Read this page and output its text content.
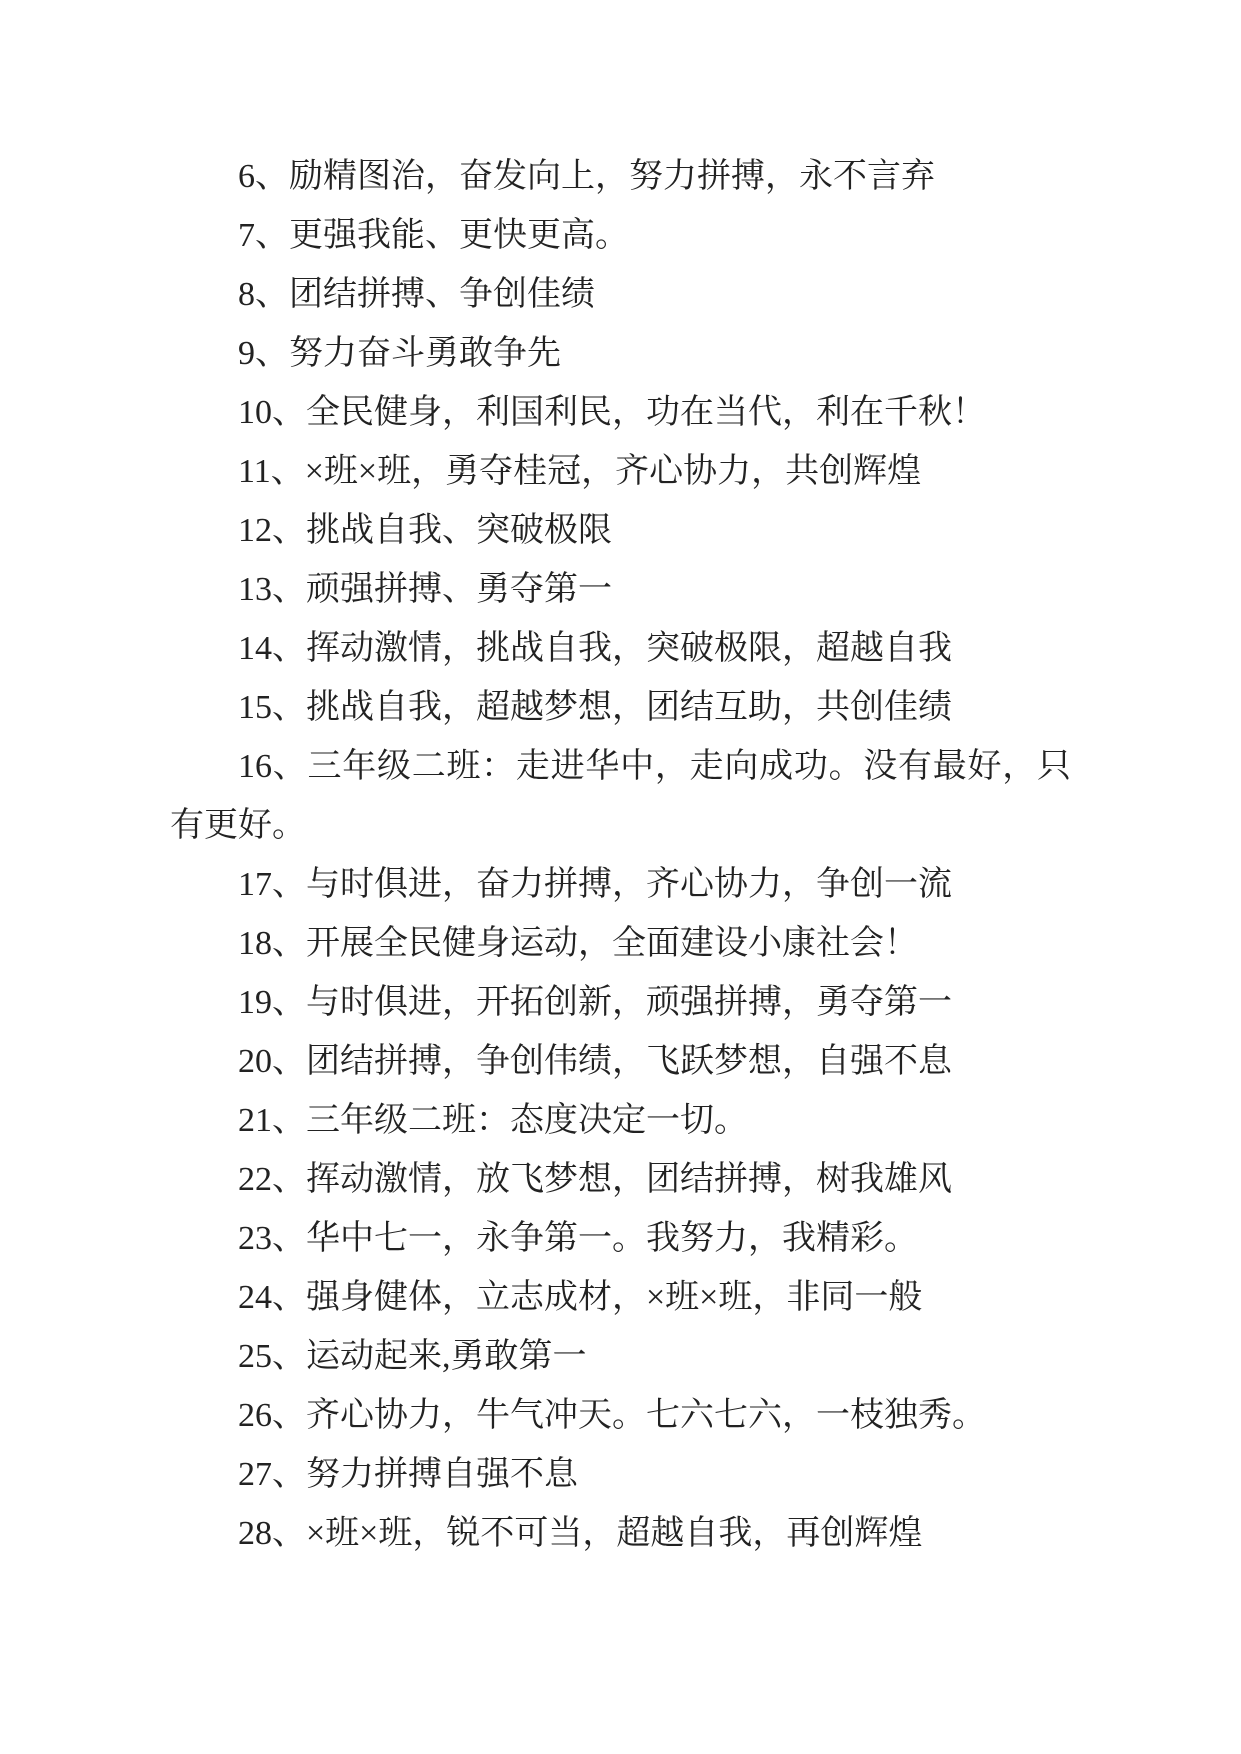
6、励精图治，奋发向上，努力拼搏，永不言弃

7、更强我能、更快更高。

8、团结拼搏、争创佳绩

9、努力奋斗勇敢争先

10、全民健身，利国利民，功在当代，利在千秋！

11、×班×班，勇夺桂冠，齐心协力，共创辉煌

12、挑战自我、突破极限

13、顽强拼搏、勇夺第一

14、挥动激情，挑战自我，突破极限，超越自我

15、挑战自我，超越梦想，团结互助，共创佳绩

16、三年级二班：走进华中，走向成功。没有最好，只有更好。

17、与时俱进，奋力拼搏，齐心协力，争创一流

18、开展全民健身运动，全面建设小康社会！

19、与时俱进，开拓创新，顽强拼搏，勇夺第一

20、团结拼搏，争创伟绩，飞跃梦想，自强不息

21、三年级二班：态度决定一切。

22、挥动激情，放飞梦想，团结拼搏，树我雄风

23、华中七一，永争第一。我努力，我精彩。

24、强身健体，立志成材，×班×班，非同一般

25、运动起来,勇敢第一

26、齐心协力，牛气冲天。七六七六，一枝独秀。

27、努力拼搏自强不息

28、×班×班，锐不可当，超越自我，再创辉煌
